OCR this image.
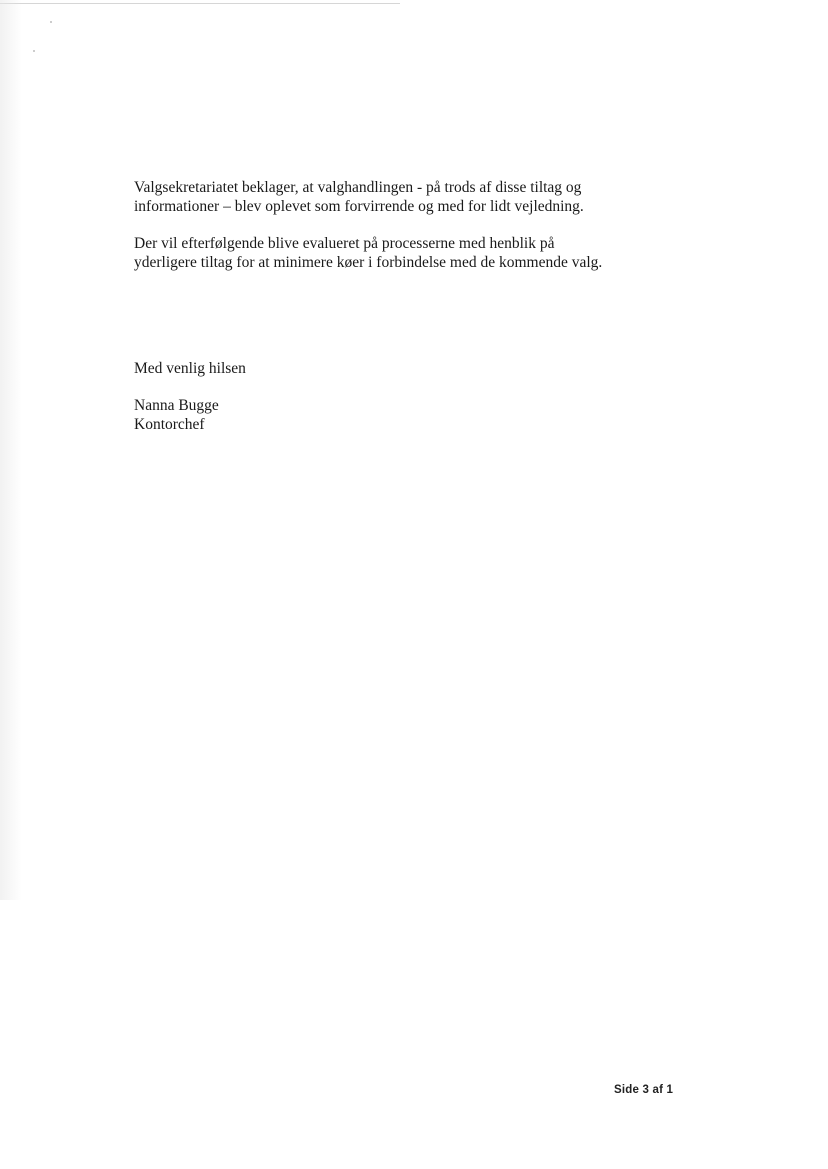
Valgsekretariatet beklager, at valghandlingen - på trods af disse tiltag og informationer – blev oplevet som forvirrende og med for lidt vejledning.

Der vil efterfølgende blive evalueret på processerne med henblik på yderligere tiltag for at minimere køer i forbindelse med de kommende valg.

Med venlig hilsen

Nanna Bugge
Kontorchef
Side 3 af 1
